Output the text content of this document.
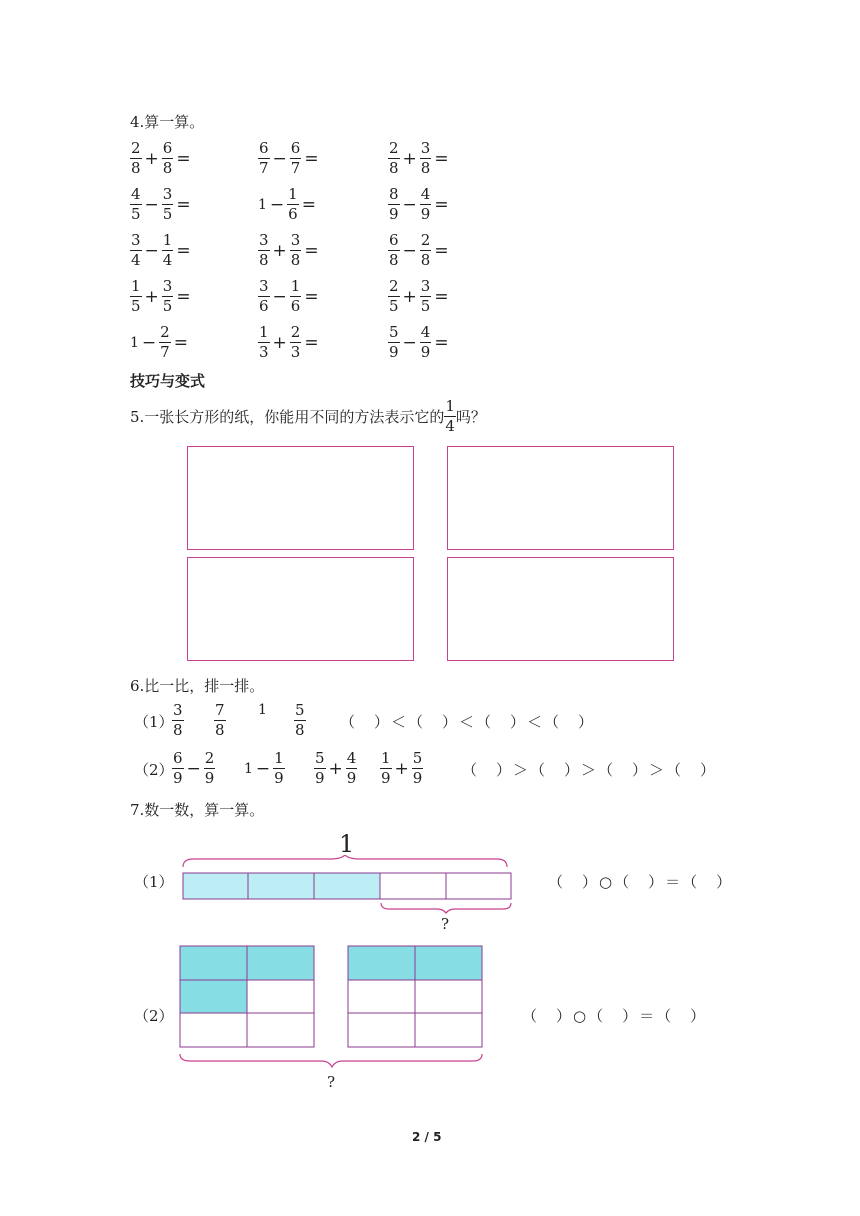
4.算一算。
$\frac{2}{8} + \frac{6}{8}$ =	$\frac{6}{7} - \frac{6}{7}$ =	$\frac{2}{8} + \frac{3}{8}$ =
$\frac{4}{5} - \frac{3}{5}$ =	$1 - \frac{1}{6}$ =	$\frac{8}{9} - \frac{4}{9}$ =
$\frac{3}{4} - \frac{1}{4}$ =	$\frac{3}{8} + \frac{3}{8}$ =	$\frac{6}{8} - \frac{2}{8}$ =
$\frac{1}{5} + \frac{3}{5}$ =	$\frac{3}{6} - \frac{1}{6}$ =	$\frac{2}{5} + \frac{3}{5}$ =
$1 - \frac{2}{7}$ =	$\frac{1}{3} + \frac{2}{3}$ =	$\frac{5}{9} - \frac{4}{9}$ =
技巧与变式
5.一张长方形的纸，你能用不同的方法表示它的 $\frac{1}{4}$ 吗？
6.比一比，排一排。
（1）
$\frac{3}{8} \frac{7}{8} 1 \frac{5}{8}$ （　）＜（　）＜（　）＜（　）
（2）
$\frac{6}{9} - \frac{2}{9} 1 - \frac{1}{9} \frac{5}{9} + \frac{4}{9} \frac{1}{9} + \frac{5}{9}$	（　）＞（　）＞（　）＞（　）
7.数一数，算一算。
（1）
1
?
（　）○（　）＝（　）
（2）
?
（　）○（　）＝（　）
2 / 5
